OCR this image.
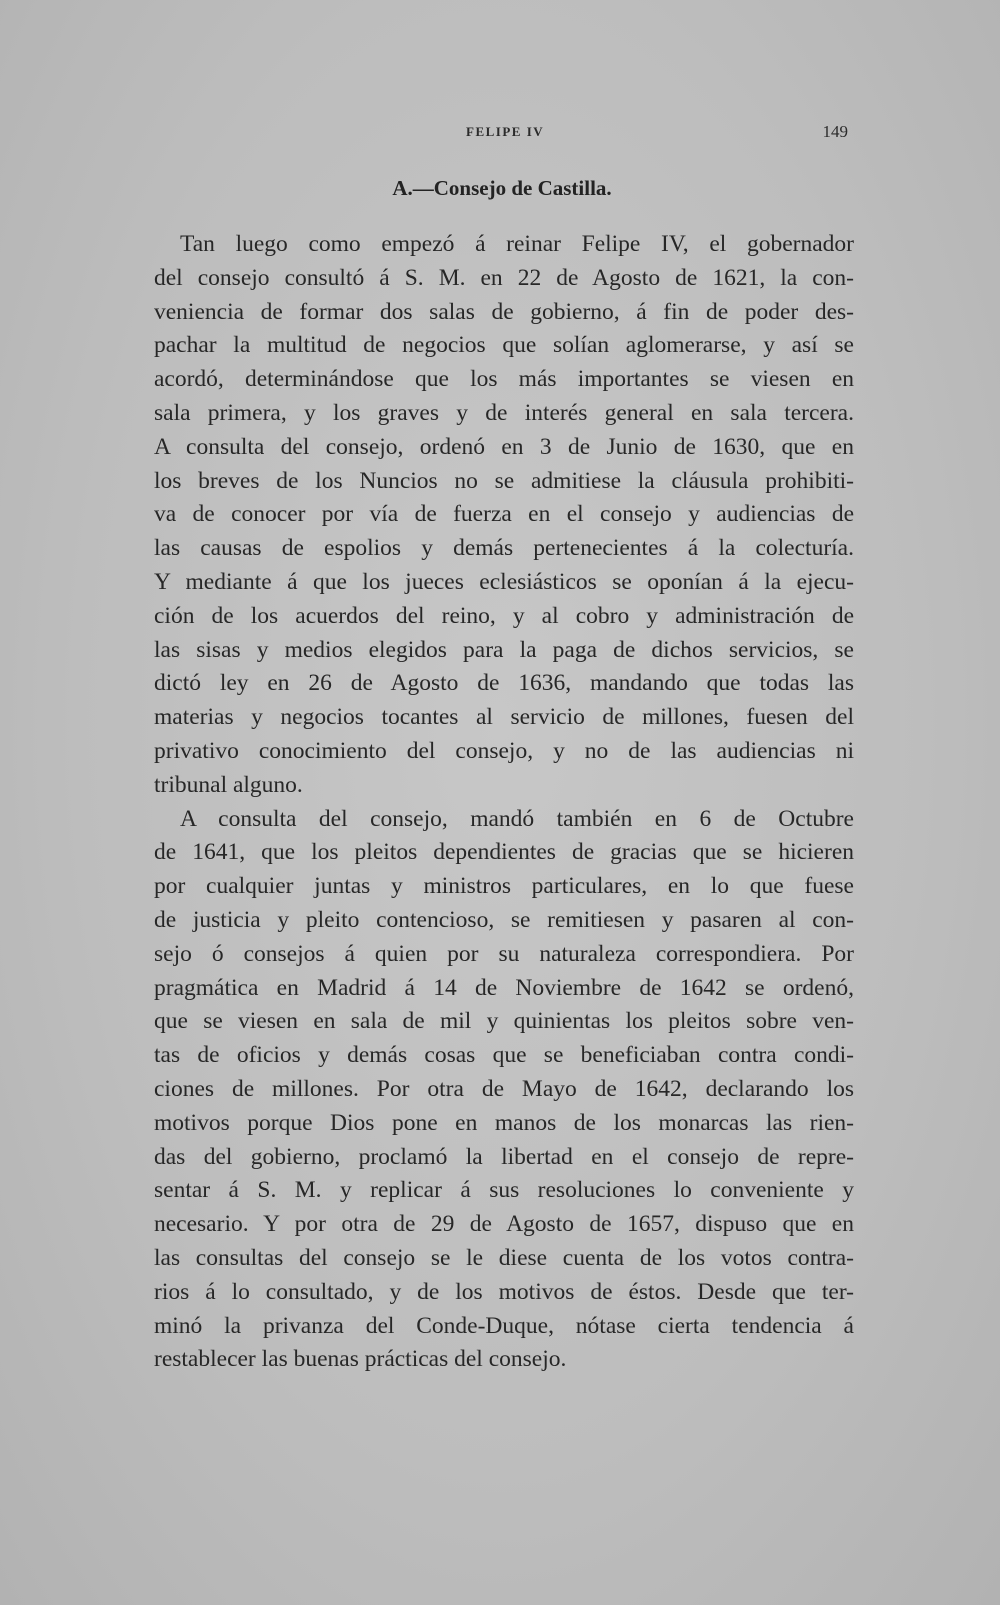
FELIPE IV	149
A.—Consejo de Castilla.
Tan luego como empezó á reinar Felipe IV, el gobernador
del consejo consultó á S. M. en 22 de Agosto de 1621, la con-
veniencia de formar dos salas de gobierno, á fin de poder des-
pachar la multitud de negocios que solían aglomerarse, y así se
acordó, determinándose que los más importantes se viesen en
sala primera, y los graves y de interés general en sala tercera.
A consulta del consejo, ordenó en 3 de Junio de 1630, que en
los breves de los Nuncios no se admitiese la cláusula prohibiti-
va de conocer por vía de fuerza en el consejo y audiencias de
las causas de espolios y demás pertenecientes á la colecturía.
Y mediante á que los jueces eclesiásticos se oponían á la ejecu-
ción de los acuerdos del reino, y al cobro y administración de
las sisas y medios elegidos para la paga de dichos servicios, se
dictó ley en 26 de Agosto de 1636, mandando que todas las
materias y negocios tocantes al servicio de millones, fuesen del
privativo conocimiento del consejo, y no de las audiencias ni
tribunal alguno.
A consulta del consejo, mandó también en 6 de Octubre
de 1641, que los pleitos dependientes de gracias que se hicieren
por cualquier juntas y ministros particulares, en lo que fuese
de justicia y pleito contencioso, se remitiesen y pasaren al con-
sejo ó consejos á quien por su naturaleza correspondiera. Por
pragmática en Madrid á 14 de Noviembre de 1642 se ordenó,
que se viesen en sala de mil y quinientas los pleitos sobre ven-
tas de oficios y demás cosas que se beneficiaban contra condi-
ciones de millones. Por otra de Mayo de 1642, declarando los
motivos porque Dios pone en manos de los monarcas las rien-
das del gobierno, proclamó la libertad en el consejo de repre-
sentar á S. M. y replicar á sus resoluciones lo conveniente y
necesario. Y por otra de 29 de Agosto de 1657, dispuso que en
las consultas del consejo se le diese cuenta de los votos contra-
rios á lo consultado, y de los motivos de éstos. Desde que ter-
minó la privanza del Conde-Duque, nótase cierta tendencia á
restablecer las buenas prácticas del consejo.
